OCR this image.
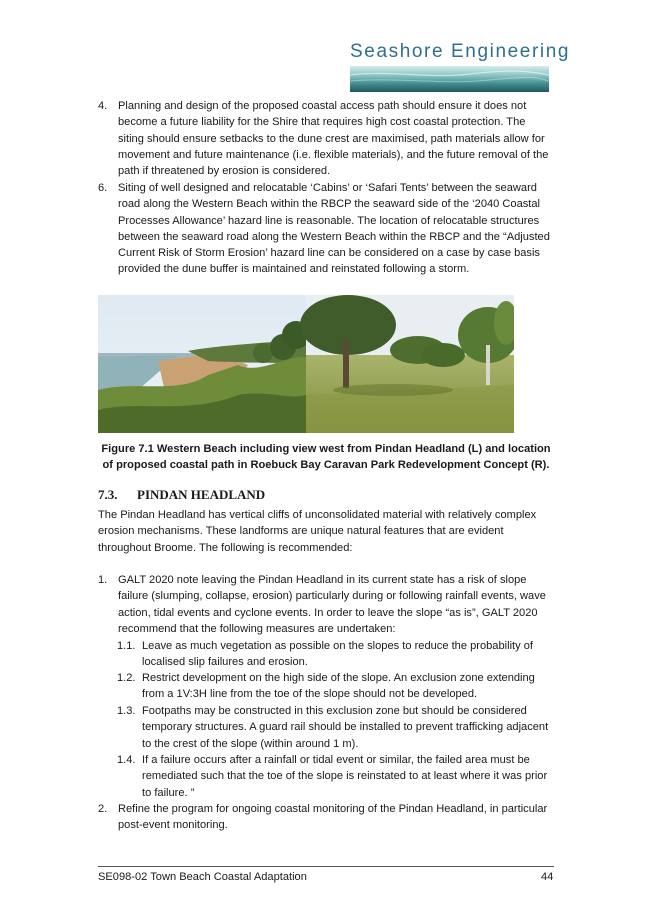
Seashore Engineering
4. Planning and design of the proposed coastal access path should ensure it does not become a future liability for the Shire that requires high cost coastal protection. The siting should ensure setbacks to the dune crest are maximised, path materials allow for movement and future maintenance (i.e. flexible materials), and the future removal of the path if threatened by erosion is considered.
6. Siting of well designed and relocatable ‘Cabins’ or ‘Safari Tents’ between the seaward road along the Western Beach within the RBCP the seaward side of the ‘2040 Coastal Processes Allowance’ hazard line is reasonable. The location of relocatable structures between the seaward road along the Western Beach within the RBCP and the “Adjusted Current Risk of Storm Erosion’ hazard line can be considered on a case by case basis provided the dune buffer is maintained and reinstated following a storm.
Figure 7.1 Western Beach including view west from Pindan Headland (L) and location of proposed coastal path in Roebuck Bay Caravan Park Redevelopment Concept (R).
7.3. PINDAN HEADLAND
The Pindan Headland has vertical cliffs of unconsolidated material with relatively complex erosion mechanisms. These landforms are unique natural features that are evident throughout Broome. The following is recommended:
1. GALT 2020 note leaving the Pindan Headland in its current state has a risk of slope failure (slumping, collapse, erosion) particularly during or following rainfall events, wave action, tidal events and cyclone events. In order to leave the slope “as is”, GALT 2020 recommend that the following measures are undertaken:
1.1. Leave as much vegetation as possible on the slopes to reduce the probability of localised slip failures and erosion.
1.2. Restrict development on the high side of the slope. An exclusion zone extending from a 1V:3H line from the toe of the slope should not be developed.
1.3. Footpaths may be constructed in this exclusion zone but should be considered temporary structures. A guard rail should be installed to prevent trafficking adjacent to the crest of the slope (within around 1 m).
1.4. If a failure occurs after a rainfall or tidal event or similar, the failed area must be remediated such that the toe of the slope is reinstated to at least where it was prior to failure. ”
2. Refine the program for ongoing coastal monitoring of the Pindan Headland, in particular post-event monitoring.
SE098-02 Town Beach Coastal Adaptation	44
